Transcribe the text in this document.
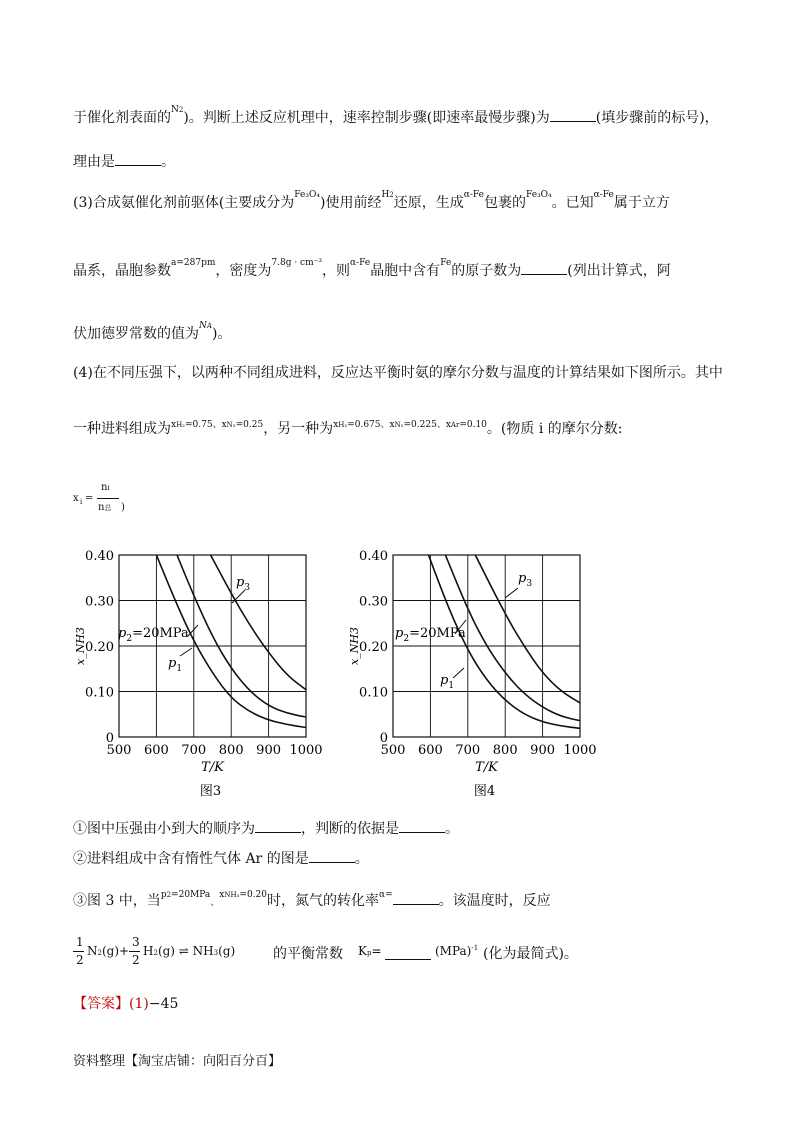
于催化剂表面的$^{N2}$)。判断上述反应机理中，速率控制步骤(即速率最慢步骤)为	(填步骤前的标号)，
理由是	。
(3)合成氨催化剂前驱体(主要成分为$^{Fe_3O_4}$)使用前经$^{H2}$还原，生成$^{\alpha-Fe}$包裹的$^{Fe_3O_4}$。已知$^{\alpha-Fe}$属于立方
晶系，晶胞参数$^{a=287pm}$，密度为$^{7.8g \cdot cm^{-3}}$，则$^{\alpha-Fe}$晶胞中含有$^{Fe}$的原子数为	(列出计算式，阿
伏加德罗常数的值为$^{NA}$)。
(4)在不同压强下，以两种不同组成进料，反应达平衡时氨的摩尔分数与温度的计算结果如下图所示。其中
一种进料组成为$^{xH_2=0.75、xN_2=0.25}$，另一种为$^{xH_2=0.675、xN_2=0.225、xAr=0.10}$。(物质 i 的摩尔分数:
x i =
ni
n总 )
500 600 700 800 900 1000
0
0.10
0.20
0.30
0.40
T/K
x_NH3
图3
$p_1$
$p_2=20MPa$
$p_3$
500 600 700 800 900 1000
0
0.10
0.20
0.30
0.40
T/K
x_NH3
图4
$p_1$
$p_2=20MPa$
$p_3$
①图中压强由小到大的顺序为	，判断的依据是	。
②进料组成中含有惰性气体 Ar 的图是	。
③图 3 中，当$^{p2=20MPa}$、$^{xNH_3=0.20}$时，氮气的转化率$^{\alpha=}$	。该温度时，反应
1
2
N2(g)+
3
2
H2(g) ⇌ NH3(g)	的平衡常数 Kp=	(MPa)$^{-1}$ (化为最简式)。
【答案】(1)−45
资料整理【淘宝店铺：向阳百分百】
